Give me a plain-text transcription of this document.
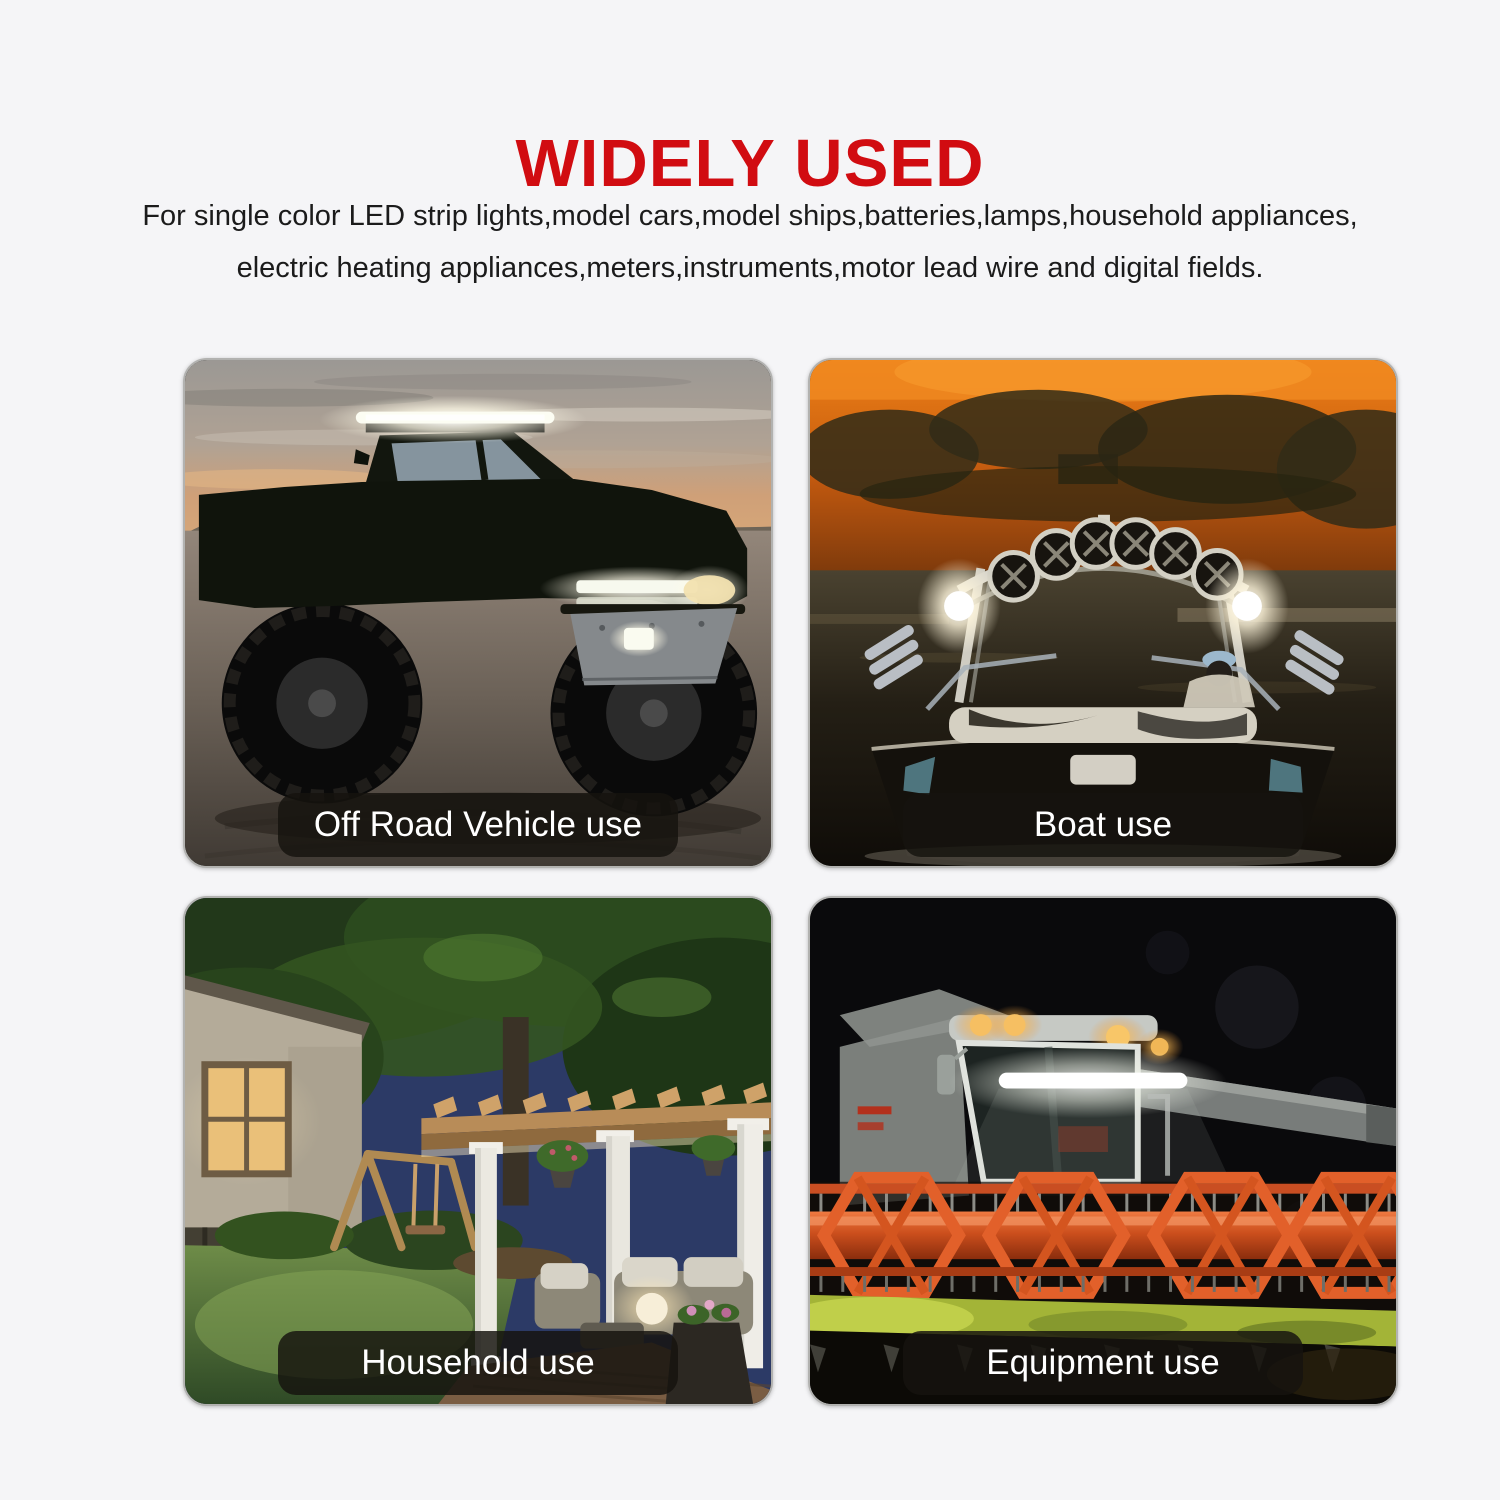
WIDELY USED
For single color LED strip lights,model cars,model ships,batteries,lamps,household appliances,
electric heating appliances,meters,instruments,motor lead wire and digital fields.
Off Road Vehicle use	Boat use
Household use	Equipment use
